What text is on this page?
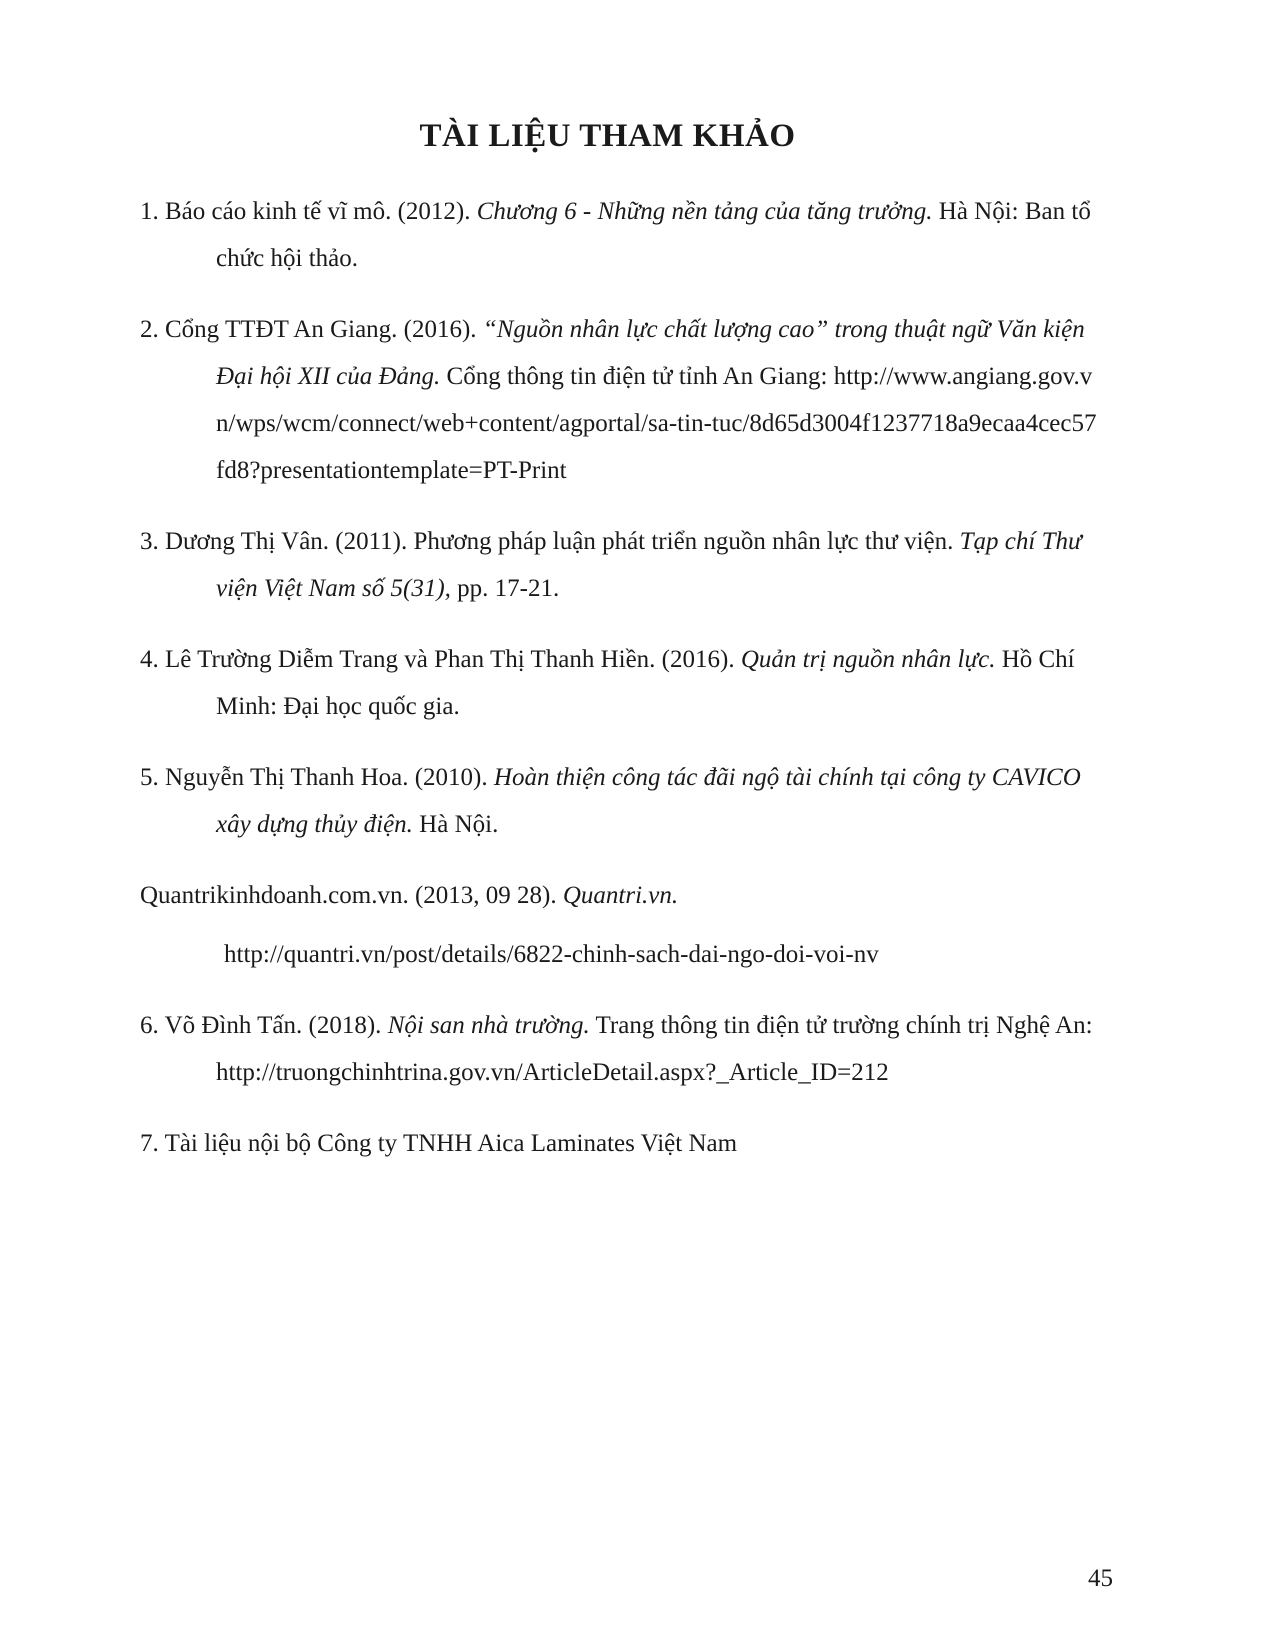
TÀI LIỆU THAM KHẢO

1. Báo cáo kinh tế vĩ mô. (2012). Chương 6 - Những nền tảng của tăng trưởng. Hà Nội: Ban tổ chức hội thảo.

2. Cổng TTĐT An Giang. (2016). “Nguồn nhân lực chất lượng cao” trong thuật ngữ Văn kiện Đại hội XII của Đảng. Cổng thông tin điện tử tỉnh An Giang: http://www.angiang.gov.vn/wps/wcm/connect/web+content/agportal/sa-tin-tuc/8d65d3004f1237718a9ecaa4cec57fd8?presentationtemplate=PT-Print

3. Dương Thị Vân. (2011). Phương pháp luận phát triển nguồn nhân lực thư viện. Tạp chí Thư viện Việt Nam số 5(31), pp. 17-21.

4. Lê Trường Diễm Trang và Phan Thị Thanh Hiền. (2016). Quản trị nguồn nhân lực. Hồ Chí Minh: Đại học quốc gia.

5. Nguyễn Thị Thanh Hoa. (2010). Hoàn thiện công tác đãi ngộ tài chính tại công ty CAVICO xây dựng thủy điện. Hà Nội.

Quantrikinhdoanh.com.vn. (2013, 09 28). Quantri.vn.

http://quantri.vn/post/details/6822-chinh-sach-dai-ngo-doi-voi-nv

6. Võ Đình Tấn. (2018). Nội san nhà trường. Trang thông tin điện tử trường chính trị Nghệ An: http://truongchinhtrina.gov.vn/ArticleDetail.aspx?_Article_ID=212

7. Tài liệu nội bộ Công ty TNHH Aica Laminates Việt Nam

45
